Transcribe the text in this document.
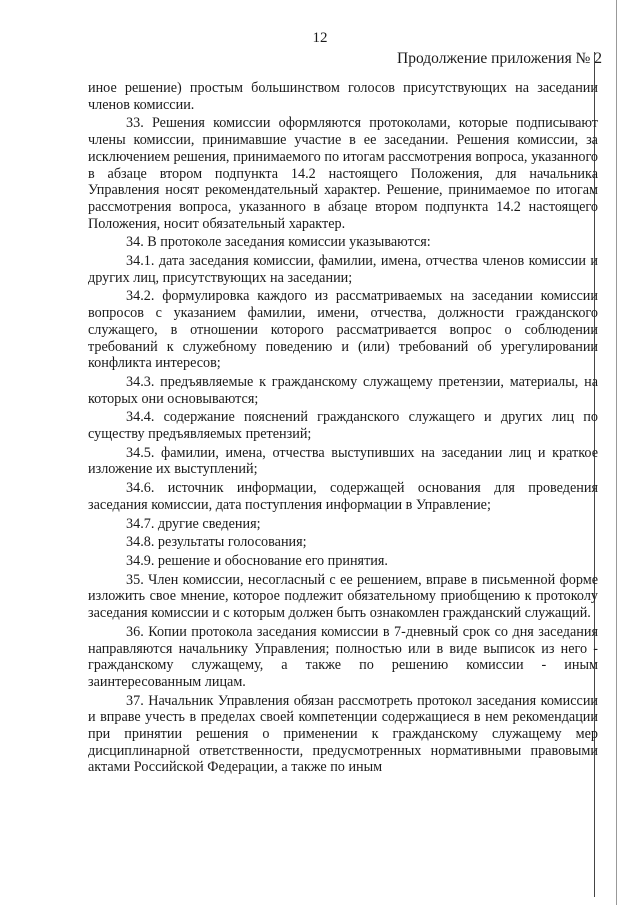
12
Продолжение приложения № 2

иное решение) простым большинством голосов присутствующих на заседании членов комиссии.

33. Решения комиссии оформляются протоколами, которые подписывают члены комиссии, принимавшие участие в ее заседании. Решения комиссии, за исключением решения, принимаемого по итогам рассмотрения вопроса, указанного в абзаце втором подпункта 14.2 настоящего Положения, для начальника Управления носят рекомендательный характер. Решение, принимаемое по итогам рассмотрения вопроса, указанного в абзаце втором подпункта 14.2 настоящего Положения, носит обязательный характер.

34. В протоколе заседания комиссии указываются:

34.1. дата заседания комиссии, фамилии, имена, отчества членов комиссии и других лиц, присутствующих на заседании;

34.2. формулировка каждого из рассматриваемых на заседании комиссии вопросов с указанием фамилии, имени, отчества, должности гражданского служащего, в отношении которого рассматривается вопрос о соблюдении требований к служебному поведению и (или) требований об урегулировании конфликта интересов;

34.3. предъявляемые к гражданскому служащему претензии, материалы, на которых они основываются;

34.4. содержание пояснений гражданского служащего и других лиц по существу предъявляемых претензий;

34.5. фамилии, имена, отчества выступивших на заседании лиц и краткое изложение их выступлений;

34.6. источник информации, содержащей основания для проведения заседания комиссии, дата поступления информации в Управление;

34.7. другие сведения;

34.8. результаты голосования;

34.9. решение и обоснование его принятия.

35. Член комиссии, несогласный с ее решением, вправе в письменной форме изложить свое мнение, которое подлежит обязательному приобщению к протоколу заседания комиссии и с которым должен быть ознакомлен гражданский служащий.

36. Копии протокола заседания комиссии в 7-дневный срок со дня заседания направляются начальнику Управления; полностью или в виде выписок из него - гражданскому служащему, а также по решению комиссии - иным заинтересованным лицам.

37. Начальник Управления обязан рассмотреть протокол заседания комиссии и вправе учесть в пределах своей компетенции содержащиеся в нем рекомендации при принятии решения о применении к гражданскому служащему мер дисциплинарной ответственности, предусмотренных нормативными правовыми актами Российской Федерации, а также по иным
